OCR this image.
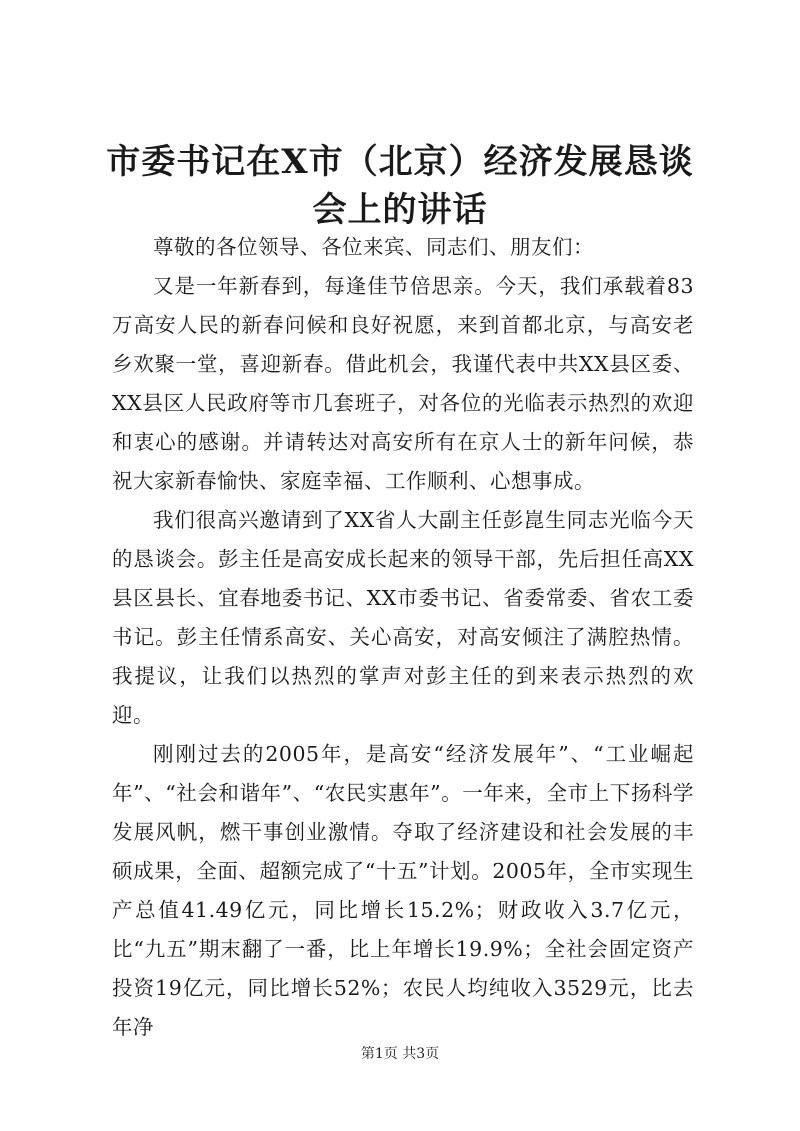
市委书记在X市（北京）经济发展恳谈会上的讲话

尊敬的各位领导、各位来宾、同志们、朋友们：

又是一年新春到，每逢佳节倍思亲。今天，我们承载着83万高安人民的新春问候和良好祝愿，来到首都北京，与高安老乡欢聚一堂，喜迎新春。借此机会，我谨代表中共XX县区委、XX县区人民政府等市几套班子，对各位的光临表示热烈的欢迎和衷心的感谢。并请转达对高安所有在京人士的新年问候，恭祝大家新春愉快、家庭幸福、工作顺利、心想事成。

我们很高兴邀请到了XX省人大副主任彭崑生同志光临今天的恳谈会。彭主任是高安成长起来的领导干部，先后担任高XX县区县长、宜春地委书记、XX市委书记、省委常委、省农工委书记。彭主任情系高安、关心高安，对高安倾注了满腔热情。我提议，让我们以热烈的掌声对彭主任的到来表示热烈的欢迎。

刚刚过去的2005年，是高安“经济发展年”、“工业崛起年”、“社会和谐年”、“农民实惠年”。一年来，全市上下扬科学发展风帆，燃干事创业激情。夺取了经济建设和社会发展的丰硕成果，全面、超额完成了“十五”计划。2005年，全市实现生产总值41.49亿元，同比增长15.2%；财政收入3.7亿元，比“九五”期末翻了一番，比上年增长19.9%；全社会固定资产投资19亿元，同比增长52%；农民人均纯收入3529元，比去年净

第1页 共3页
